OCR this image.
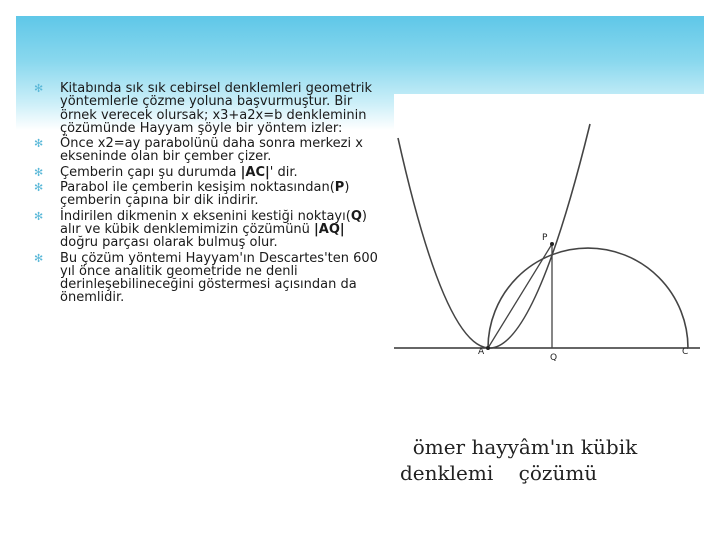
✻ Kitabında sık sık cebirsel denklemleri geometrik yöntemlerle çözme yoluna başvurmuştur. Bir örnek verecek olursak; x3+a2x=b denkleminin çözümünde Hayyam şöyle bir yöntem izler:
✻ Önce x2=ay parabolünü daha sonra merkezi x ekseninde olan bir çember çizer.
✻ Çemberin çapı şu durumda |AC|' dir.
✻ Parabol ile çemberin kesişim noktasından(P) çemberin çapına bir dik indirir.
✻ İndirilen dikmenin x eksenini kestiği noktayı(Q) alır ve kübik denklemimizin çözümünü |AQ| doğru parçası olarak bulmuş olur.
✻ Bu çözüm yöntemi Hayyam'ın Descartes'ten 600 yıl önce analitik geometride ne denli derinleşebilineceğini göstermesi açısından da önemlidir.
P
A
Q
C
ömer hayyâm'ın kübik
denklemi    çözümü
